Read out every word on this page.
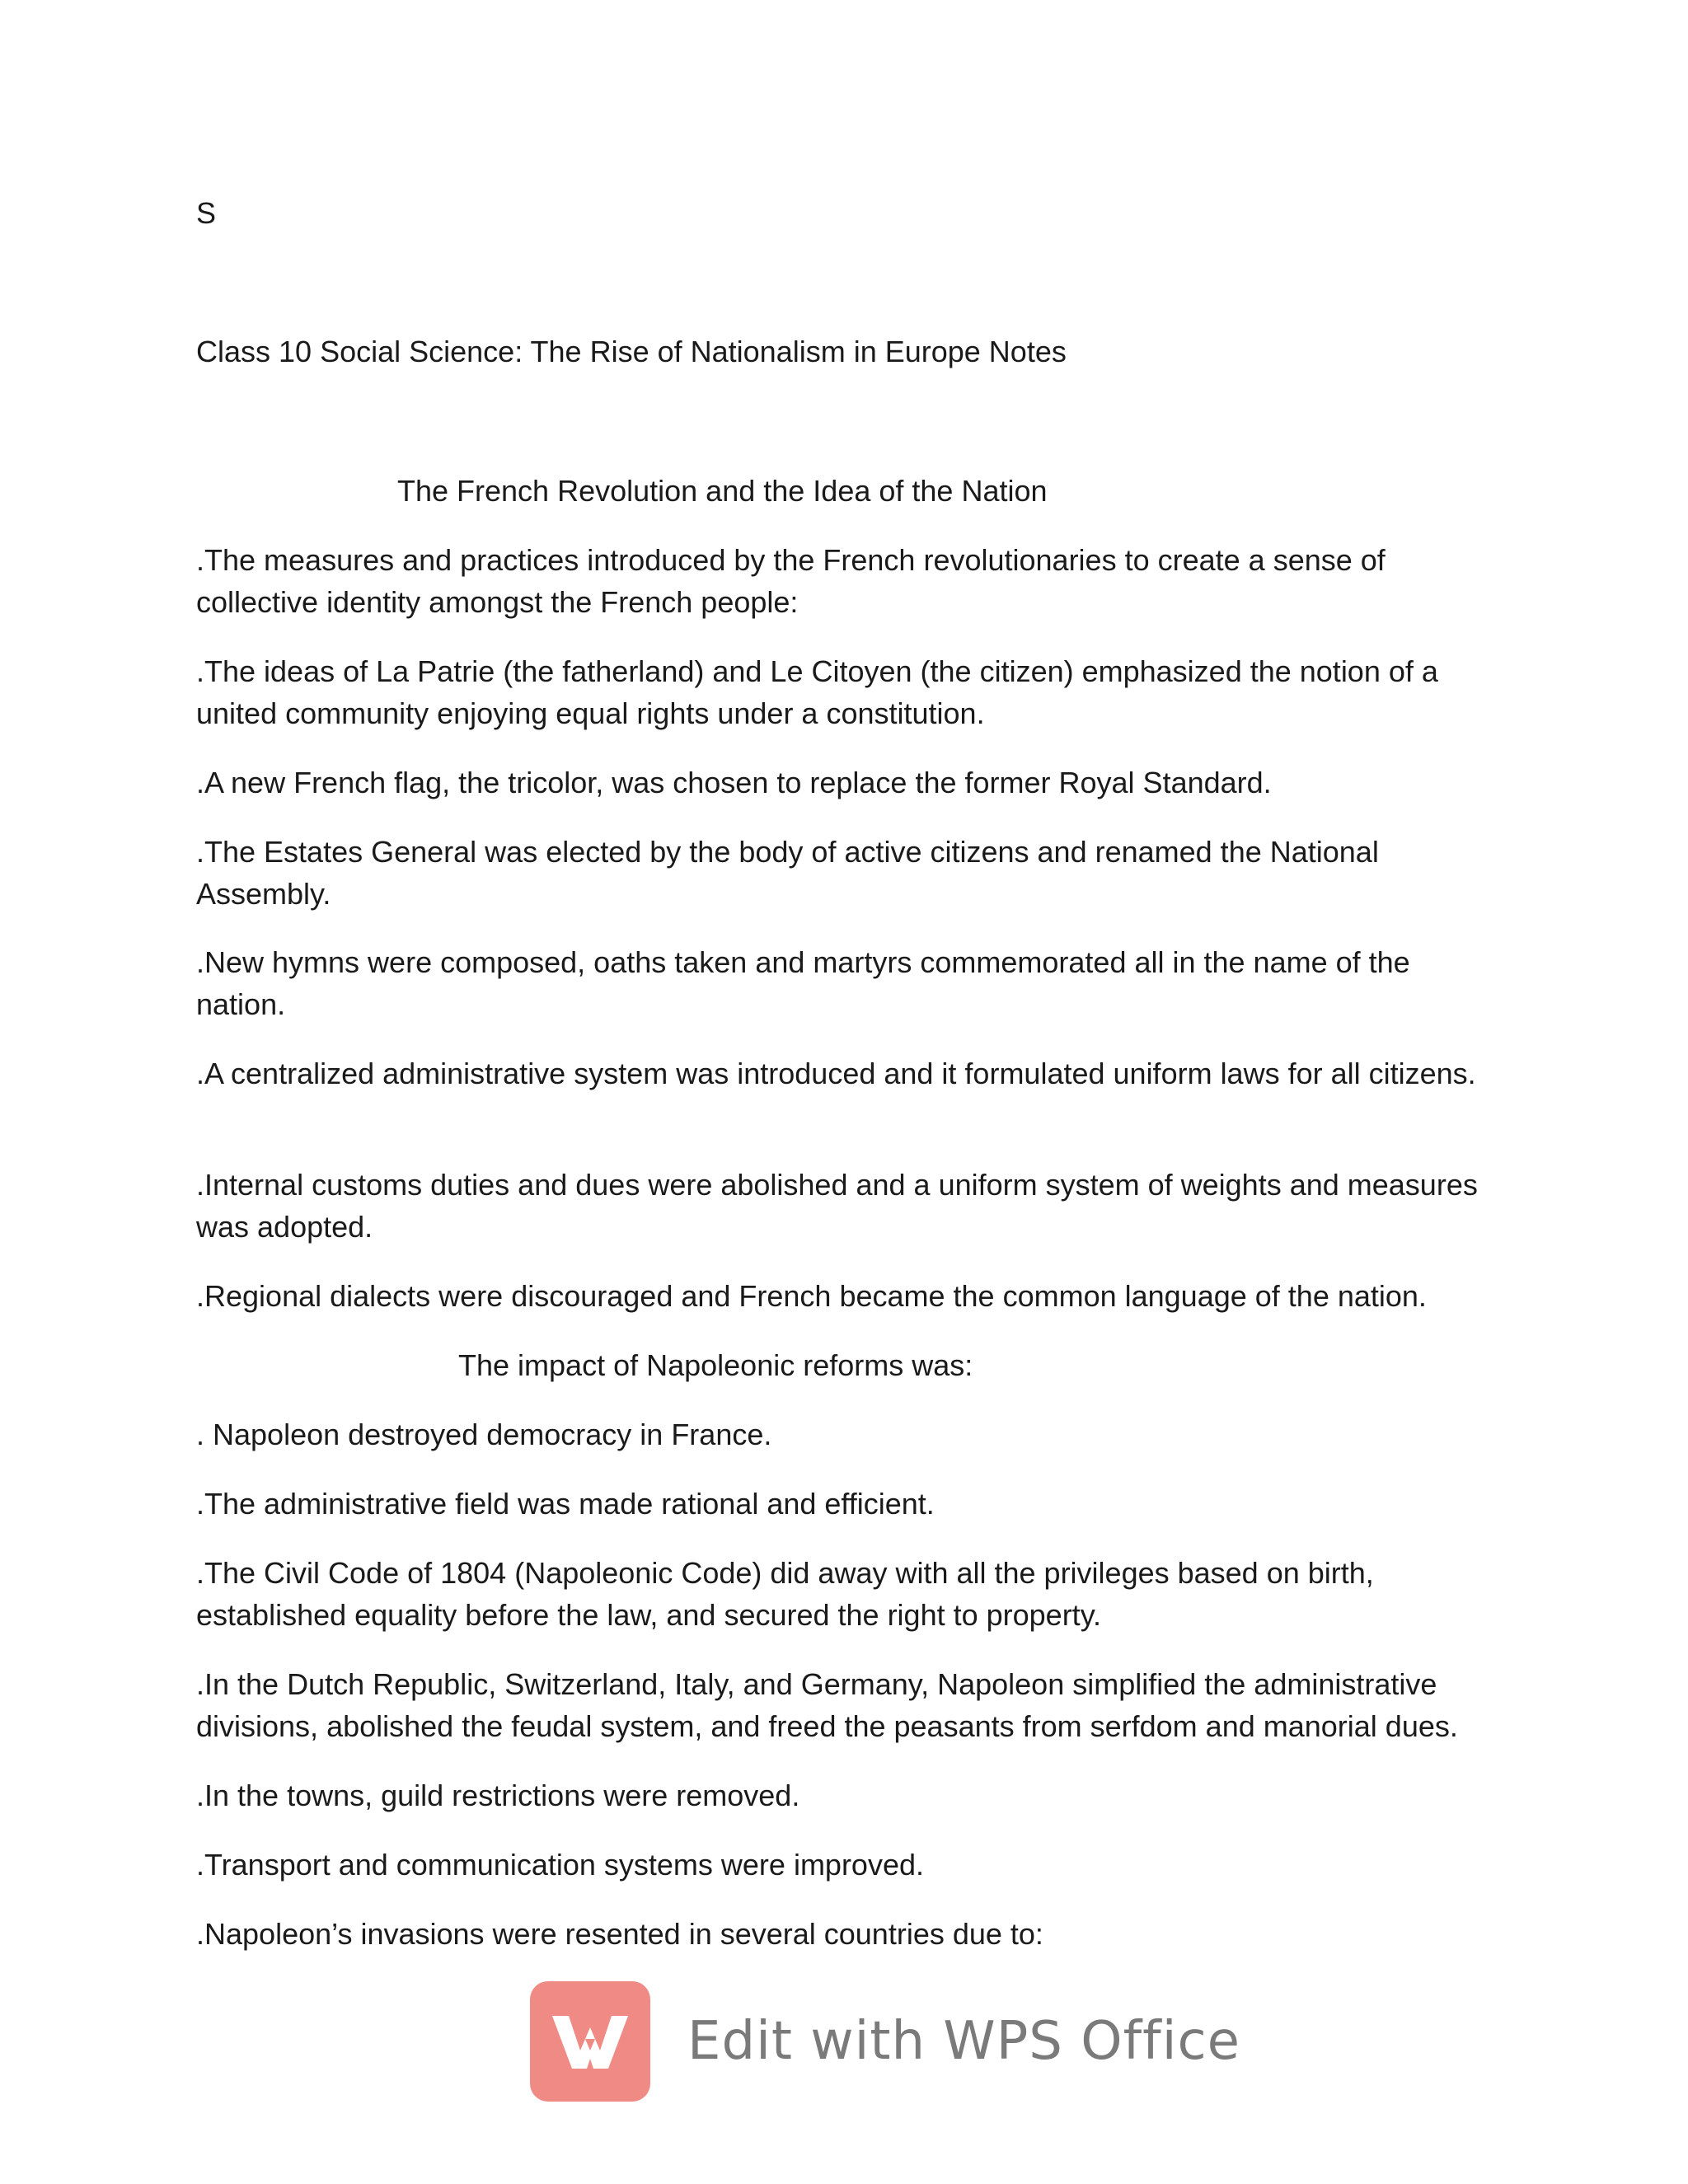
S

Class 10 Social Science: The Rise of Nationalism in Europe Notes

The French Revolution and the Idea of the Nation

.The measures and practices introduced by the French revolutionaries to create a sense of collective identity amongst the French people:

.The ideas of La Patrie (the fatherland) and Le Citoyen (the citizen) emphasized the notion of a united community enjoying equal rights under a constitution.

.A new French flag, the tricolor, was chosen to replace the former Royal Standard.

.The Estates General was elected by the body of active citizens and renamed the National Assembly.

.New hymns were composed, oaths taken and martyrs commemorated all in the name of the nation.

.A centralized administrative system was introduced and it formulated uniform laws for all citizens.

.Internal customs duties and dues were abolished and a uniform system of weights and measures was adopted.

.Regional dialects were discouraged and French became the common language of the nation.

The impact of Napoleonic reforms was:

. Napoleon destroyed democracy in France.

.The administrative field was made rational and efficient.

.The Civil Code of 1804 (Napoleonic Code) did away with all the privileges based on birth, established equality before the law, and secured the right to property.

.In the Dutch Republic, Switzerland, Italy, and Germany, Napoleon simplified the administrative divisions, abolished the feudal system, and freed the peasants from serfdom and manorial dues.

.In the towns, guild restrictions were removed.

.Transport and communication systems were improved.

.Napoleon’s invasions were resented in several countries due to:

Edit with WPS Office
